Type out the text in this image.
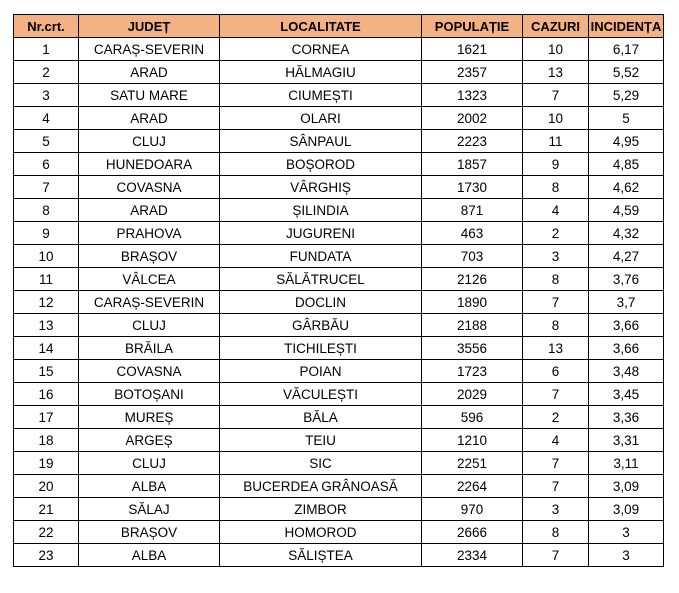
Nr.crt.	JUDEȚ	LOCALITATE	POPULAȚIE	CAZURI	INCIDENȚA
1	CARAȘ-SEVERIN	CORNEA	1621	10	6,17
2	ARAD	HĂLMAGIU	2357	13	5,52
3	SATU MARE	CIUMEȘTI	1323	7	5,29
4	ARAD	OLARI	2002	10	5
5	CLUJ	SÂNPAUL	2223	11	4,95
6	HUNEDOARA	BOȘOROD	1857	9	4,85
7	COVASNA	VÂRGHIȘ	1730	8	4,62
8	ARAD	ȘILINDIA	871	4	4,59
9	PRAHOVA	JUGURENI	463	2	4,32
10	BRAȘOV	FUNDATA	703	3	4,27
11	VÂLCEA	SĂLĂTRUCEL	2126	8	3,76
12	CARAȘ-SEVERIN	DOCLIN	1890	7	3,7
13	CLUJ	GÂRBĂU	2188	8	3,66
14	BRĂILA	TICHILEȘTI	3556	13	3,66
15	COVASNA	POIAN	1723	6	3,48
16	BOTOȘANI	VĂCULEȘTI	2029	7	3,45
17	MUREȘ	BĂLA	596	2	3,36
18	ARGEȘ	TEIU	1210	4	3,31
19	CLUJ	SIC	2251	7	3,11
20	ALBA	BUCERDEA GRÂNOASĂ	2264	7	3,09
21	SĂLAJ	ZIMBOR	970	3	3,09
22	BRAȘOV	HOMOROD	2666	8	3
23	ALBA	SĂLIȘTEA	2334	7	3
